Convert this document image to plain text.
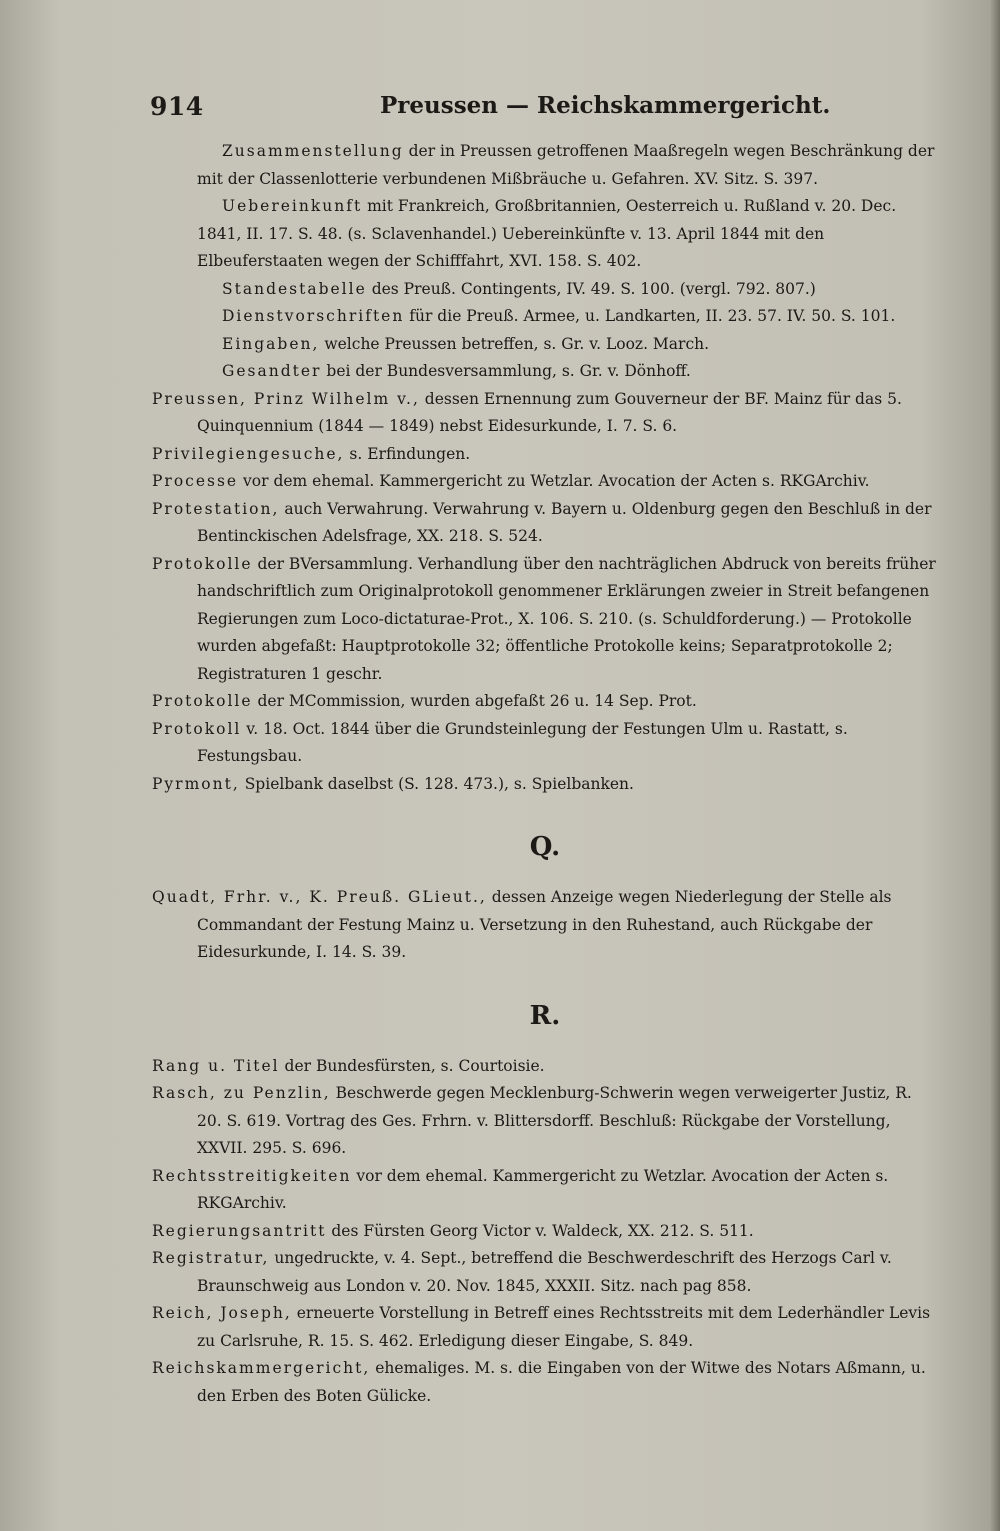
914	Preussen — Reichskammergericht.

Zusammenstellung der in Preussen getroffenen Maaßregeln wegen Beschränkung der mit der Classenlotterie verbundenen Mißbräuche u. Gefahren. XV. Sitz. S. 397.

Uebereinkunft mit Frankreich, Großbritannien, Oesterreich u. Rußland v. 20. Dec. 1841, II. 17. S. 48. (s. Sclavenhandel.) Uebereinkünfte v. 13. April 1844 mit den Elbeuferstaaten wegen der Schifffahrt, XVI. 158. S. 402.

Standestabelle des Preuß. Contingents, IV. 49. S. 100. (vergl. 792. 807.)

Dienstvorschriften für die Preuß. Armee, u. Landkarten, II. 23. 57. IV. 50. S. 101.

Eingaben, welche Preussen betreffen, s. Gr. v. Looz. March.

Gesandter bei der Bundesversammlung, s. Gr. v. Dönhoff.

Preussen, Prinz Wilhelm v., dessen Ernennung zum Gouverneur der BF. Mainz für das 5. Quinquennium (1844 — 1849) nebst Eidesurkunde, I. 7. S. 6.

Privilegiengesuche, s. Erfindungen.

Processe vor dem ehemal. Kammergericht zu Wetzlar. Avocation der Acten s. RKGArchiv.

Protestation, auch Verwahrung. Verwahrung v. Bayern u. Oldenburg gegen den Beschluß in der Bentinckischen Adelsfrage, XX. 218. S. 524.

Protokolle der BVersammlung. Verhandlung über den nachträglichen Abdruck von bereits früher handschriftlich zum Originalprotokoll genommener Erklärungen zweier in Streit befangenen Regierungen zum Loco-dictaturae-Prot., X. 106. S. 210. (s. Schuldforderung.) — Protokolle wurden abgefaßt: Hauptprotokolle 32; öffentliche Protokolle keins; Separatprotokolle 2; Registraturen 1 geschr.

Protokolle der MCommission, wurden abgefaßt 26 u. 14 Sep. Prot.

Protokoll v. 18. Oct. 1844 über die Grundsteinlegung der Festungen Ulm u. Rastatt, s. Festungsbau.

Pyrmont, Spielbank daselbst (S. 128. 473.), s. Spielbanken.

Q.

Quadt, Frhr. v., K. Preuß. GLieut., dessen Anzeige wegen Niederlegung der Stelle als Commandant der Festung Mainz u. Versetzung in den Ruhestand, auch Rückgabe der Eidesurkunde, I. 14. S. 39.

R.

Rang u. Titel der Bundesfürsten, s. Courtoisie.

Rasch, zu Penzlin, Beschwerde gegen Mecklenburg-Schwerin wegen verweigerter Justiz, R. 20. S. 619. Vortrag des Ges. Frhrn. v. Blittersdorff. Beschluß: Rückgabe der Vorstellung, XXVII. 295. S. 696.

Rechtsstreitigkeiten vor dem ehemal. Kammergericht zu Wetzlar. Avocation der Acten s. RKGArchiv.

Regierungsantritt des Fürsten Georg Victor v. Waldeck, XX. 212. S. 511.

Registratur, ungedruckte, v. 4. Sept., betreffend die Beschwerdeschrift des Herzogs Carl v. Braunschweig aus London v. 20. Nov. 1845, XXXII. Sitz. nach pag 858.

Reich, Joseph, erneuerte Vorstellung in Betreff eines Rechtsstreits mit dem Lederhändler Levis zu Carlsruhe, R. 15. S. 462. Erledigung dieser Eingabe, S. 849.

Reichskammergericht, ehemaliges. M. s. die Eingaben von der Witwe des Notars Aßmann, u. den Erben des Boten Gülicke.
